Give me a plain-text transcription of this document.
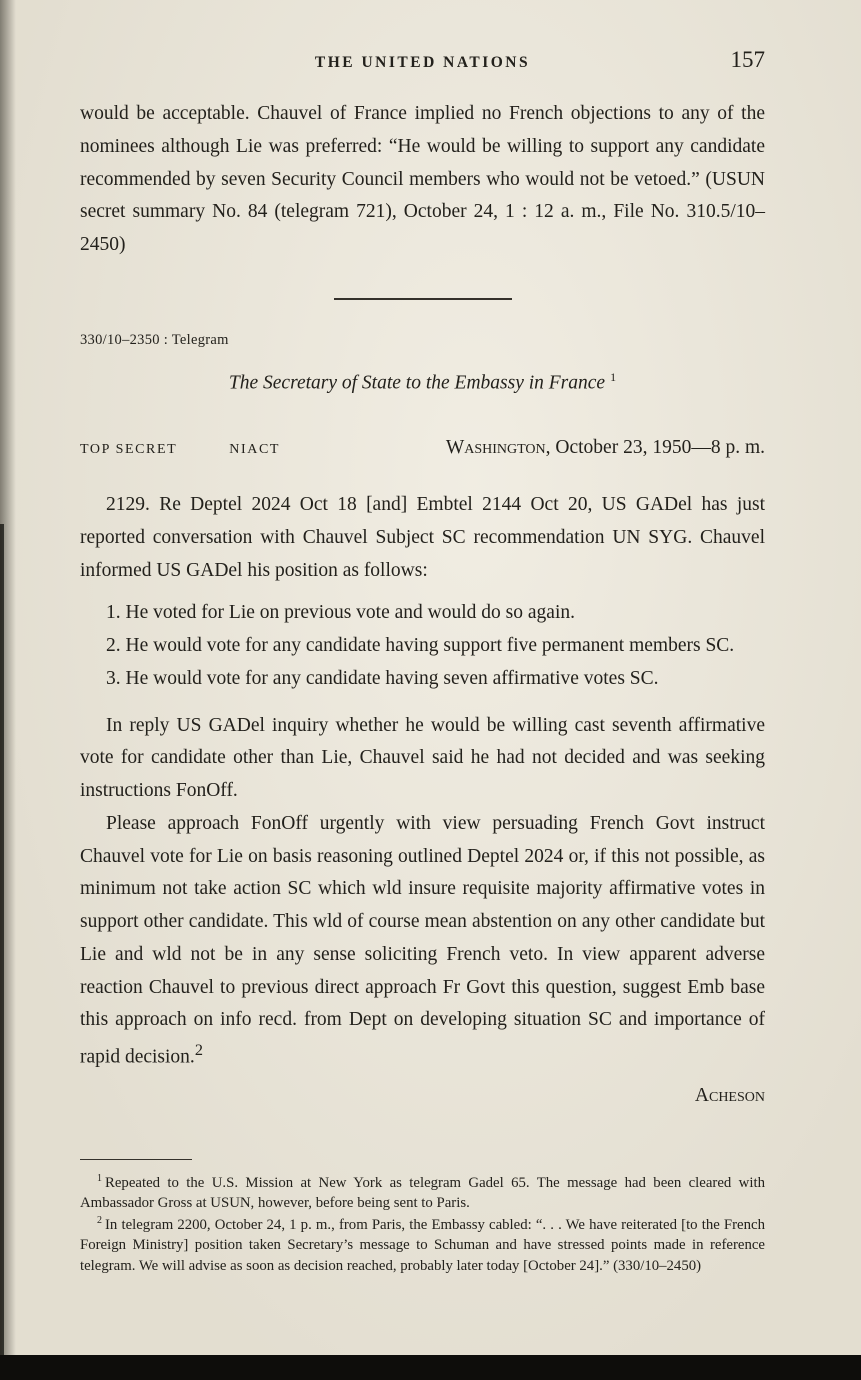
THE UNITED NATIONS	157

would be acceptable. Chauvel of France implied no French objections to any of the nominees although Lie was preferred: “He would be willing to support any candidate recommended by seven Security Council members who would not be vetoed.” (USUN secret summary No. 84 (telegram 721), October 24, 1 : 12 a. m., File No. 310.5/10–2450)

330/10–2350 : Telegram

The Secretary of State to the Embassy in France $^1$
TOP SECRET	NIACT	Washington, October 23, 1950—8 p. m.

2129. Re Deptel 2024 Oct 18 [and] Embtel 2144 Oct 20, US GADel has just reported conversation with Chauvel Subject SC recommendation UN SYG. Chauvel informed US GADel his position as follows:

1. He voted for Lie on previous vote and would do so again.

2. He would vote for any candidate having support five permanent members SC.

3. He would vote for any candidate having seven affirmative votes SC.

In reply US GADel inquiry whether he would be willing cast seventh affirmative vote for candidate other than Lie, Chauvel said he had not decided and was seeking instructions FonOff.

Please approach FonOff urgently with view persuading French Govt instruct Chauvel vote for Lie on basis reasoning outlined Deptel 2024 or, if this not possible, as minimum not take action SC which wld insure requisite majority affirmative votes in support other candidate. This wld of course mean abstention on any other candidate but Lie and wld not be in any sense soliciting French veto. In view apparent adverse reaction Chauvel to previous direct approach Fr Govt this question, suggest Emb base this approach on info recd. from Dept on developing situation SC and importance of rapid decision.$^2$

Acheson

$^1$ Repeated to the U.S. Mission at New York as telegram Gadel 65. The message had been cleared with Ambassador Gross at USUN, however, before being sent to Paris.

$^2$ In telegram 2200, October 24, 1 p. m., from Paris, the Embassy cabled: “. . . We have reiterated [to the French Foreign Ministry] position taken Secretary’s message to Schuman and have stressed points made in reference telegram. We will advise as soon as decision reached, probably later today [October 24].” (330/10–2450)
